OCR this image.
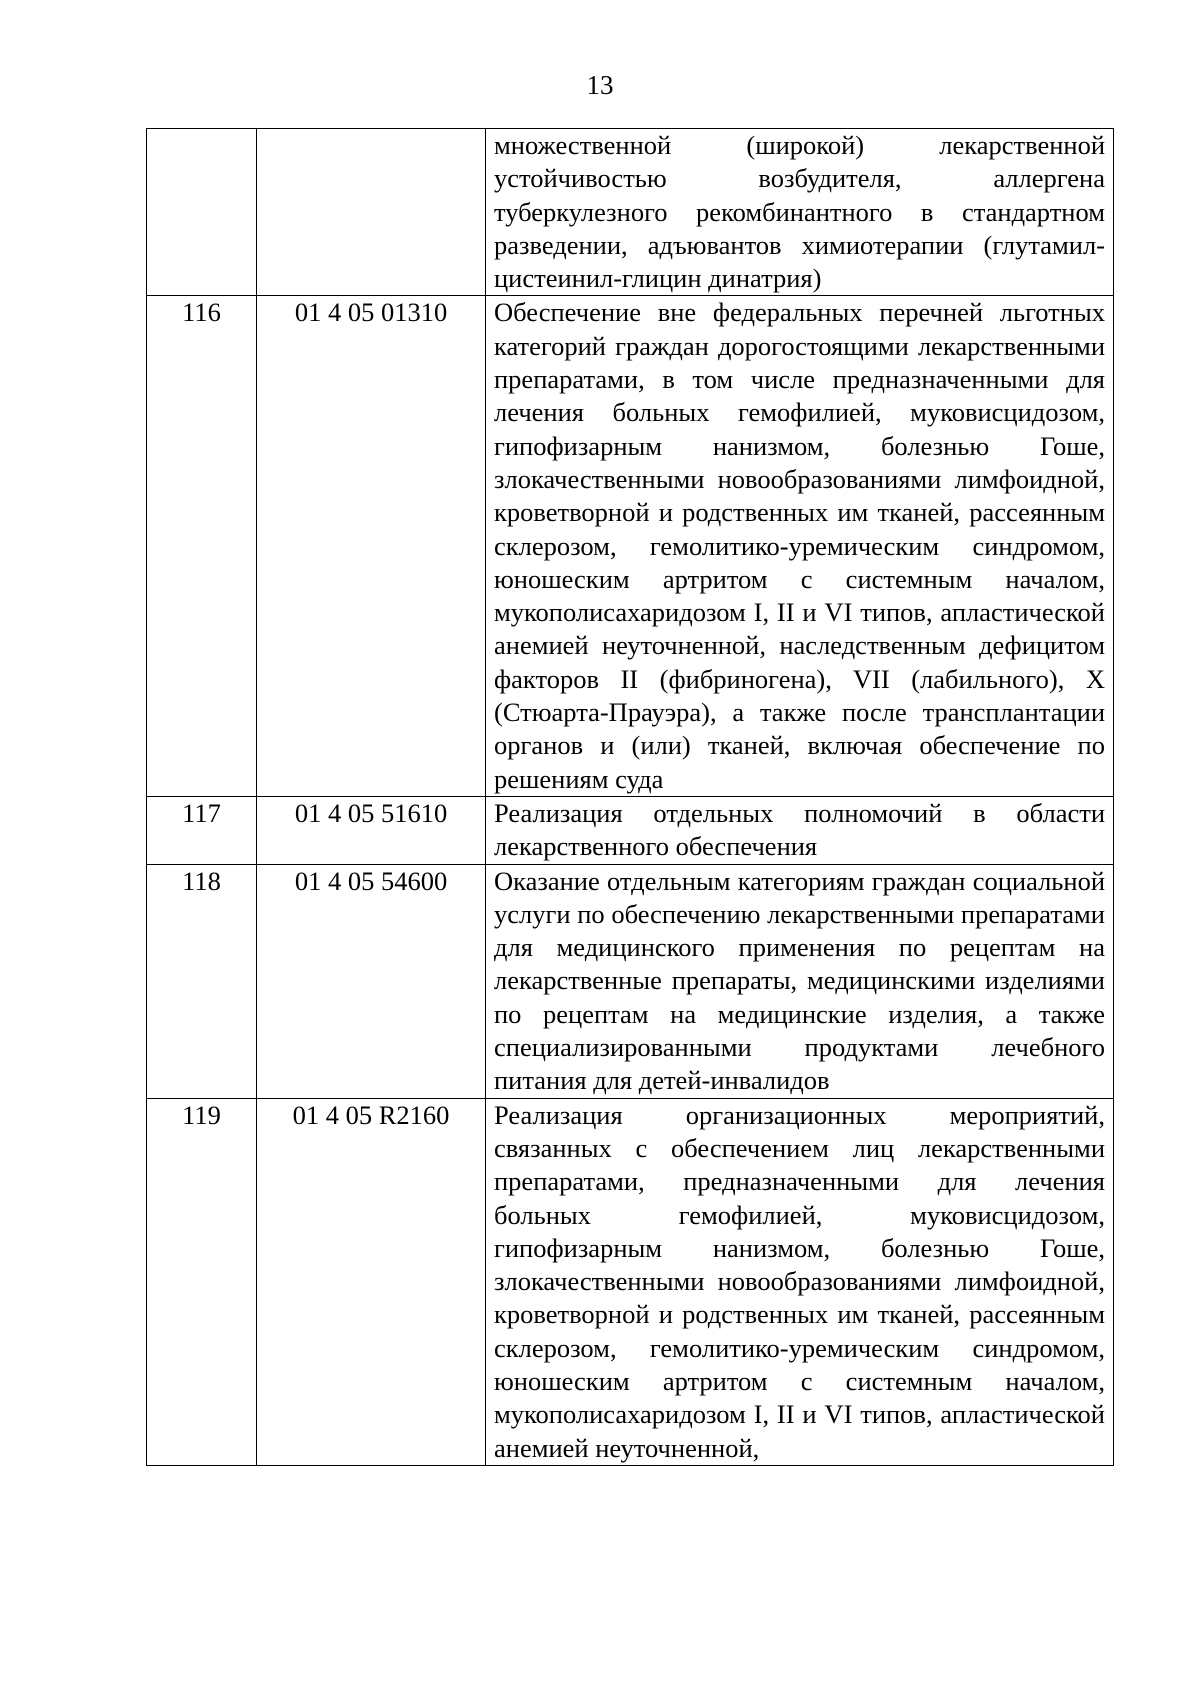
13
		множественной (широкой) лекарственной устойчивостью возбудителя, аллергена туберкулезного рекомбинантного в стандартном разведении, адъювантов химиотерапии (глутамил-цистеинил-глицин динатрия)
116	01 4 05 01310	Обеспечение вне федеральных перечней льготных категорий граждан дорогостоящими лекарственными препаратами, в том числе предназначенными для лечения больных гемофилией, муковисцидозом, гипофизарным нанизмом, болезнью Гоше, злокачественными новообразованиями лимфоидной, кроветворной и родственных им тканей, рассеянным склерозом, гемолитико-уремическим синдромом, юношеским артритом с системным началом, мукополисахаридозом I, II и VI типов, апластической анемией неуточненной, наследственным дефицитом факторов II (фибриногена), VII (лабильного), X (Стюарта-Прауэра), а также после трансплантации органов и (или) тканей, включая обеспечение по решениям суда
117	01 4 05 51610	Реализация отдельных полномочий в области лекарственного обеспечения
118	01 4 05 54600	Оказание отдельным категориям граждан социальной услуги по обеспечению лекарственными препаратами для медицинского применения по рецептам на лекарственные препараты, медицинскими изделиями по рецептам на медицинские изделия, а также специализированными продуктами лечебного питания для детей-инвалидов
119	01 4 05 R2160	Реализация организационных мероприятий, связанных с обеспечением лиц лекарственными препаратами, предназначенными для лечения больных гемофилией, муковисцидозом, гипофизарным нанизмом, болезнью Гоше, злокачественными новообразованиями лимфоидной, кроветворной и родственных им тканей, рассеянным склерозом, гемолитико-уремическим синдромом, юношеским артритом с системным началом, мукополисахаридозом I, II и VI типов, апластической анемией неуточненной,
